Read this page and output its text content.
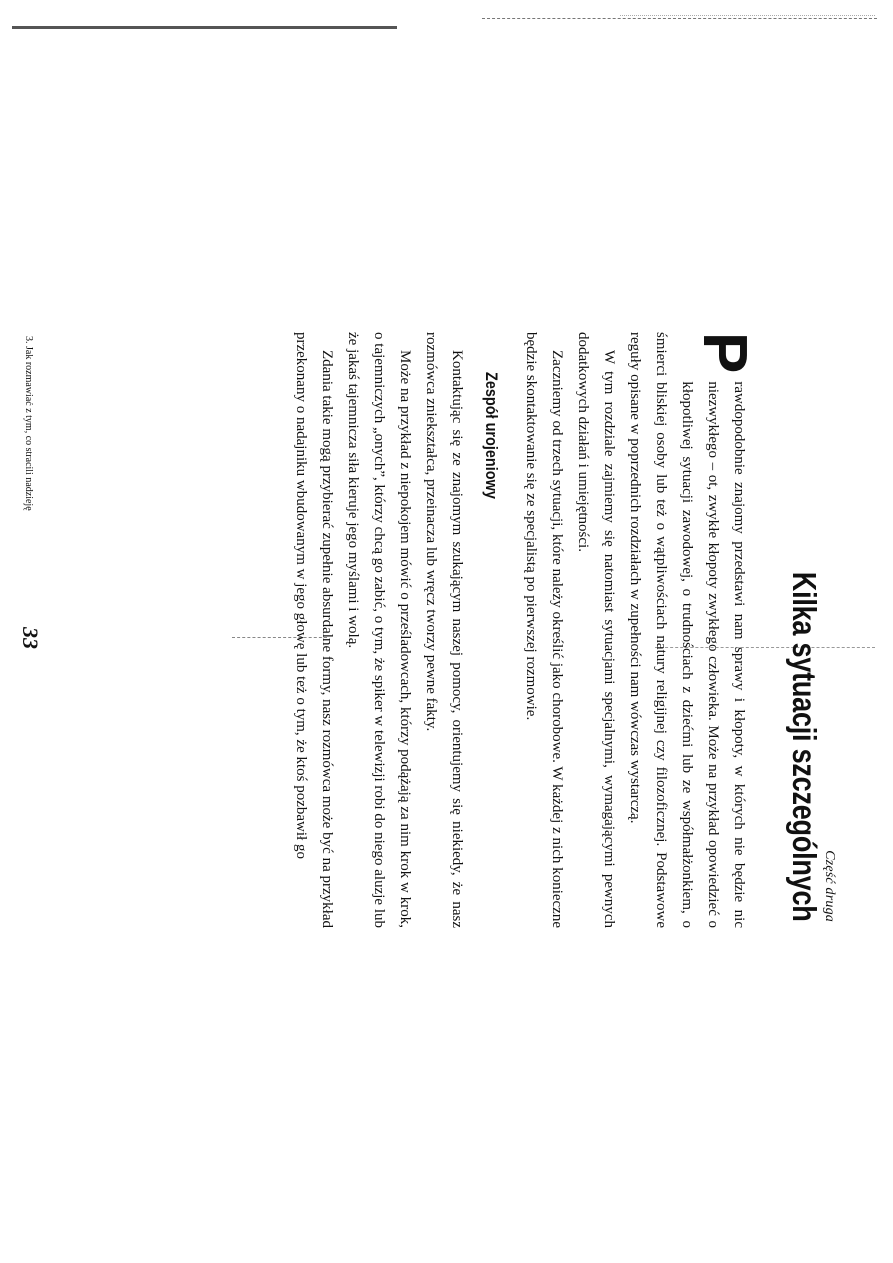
Część druga
Kilka sytuacji szczególnych

P
rawdopodobnie znajomy przedstawi nam sprawy i kłopoty, w których nie będzie nic niezwykłego – ot, zwykłe kłopoty zwykłego człowieka. Może na przykład opowiedzieć o kłopotliwej sytuacji zawodowej, o trudnościach z dziećmi lub ze współmałżonkiem, o śmierci bliskiej osoby lub też o wątpliwościach natury religijnej czy filozoficznej. Podstawowe reguły opisane w poprzednich rozdziałach w zupełności nam wówczas wystarczą.

W tym rozdziale zajmiemy się natomiast sytuacjami specjalnymi, wymagającymi pewnych dodatkowych działań i umiejętności.

Zaczniemy od trzech sytuacji, które należy określić jako chorobowe. W każdej z nich konieczne będzie skontaktowanie się ze specjalistą po pierwszej rozmowie.

Zespół urojeniowy

Kontaktując się ze znajomym szukającym naszej pomocy, orientujemy się niekiedy, że nasz rozmówca zniekształca, przeinacza lub wręcz tworzy pewne fakty.

Może na przykład z niepokojem mówić o prześladowcach, którzy podążają za nim krok w krok, o tajemniczych „onych”, którzy chcą go zabić, o tym, że spiker w telewizji robi do niego aluzje lub że jakaś tajemnicza siła kieruje jego myślami i wolą.

Zdania takie mogą przybierać zupełnie absurdalne formy, nasz rozmówca może być na przykład przekonany o nadajniku wbudowanym w jego głowę lub też o tym, że ktoś pozbawił go

3. Jak rozmawiać z tym, co stracili nadzieję
33
